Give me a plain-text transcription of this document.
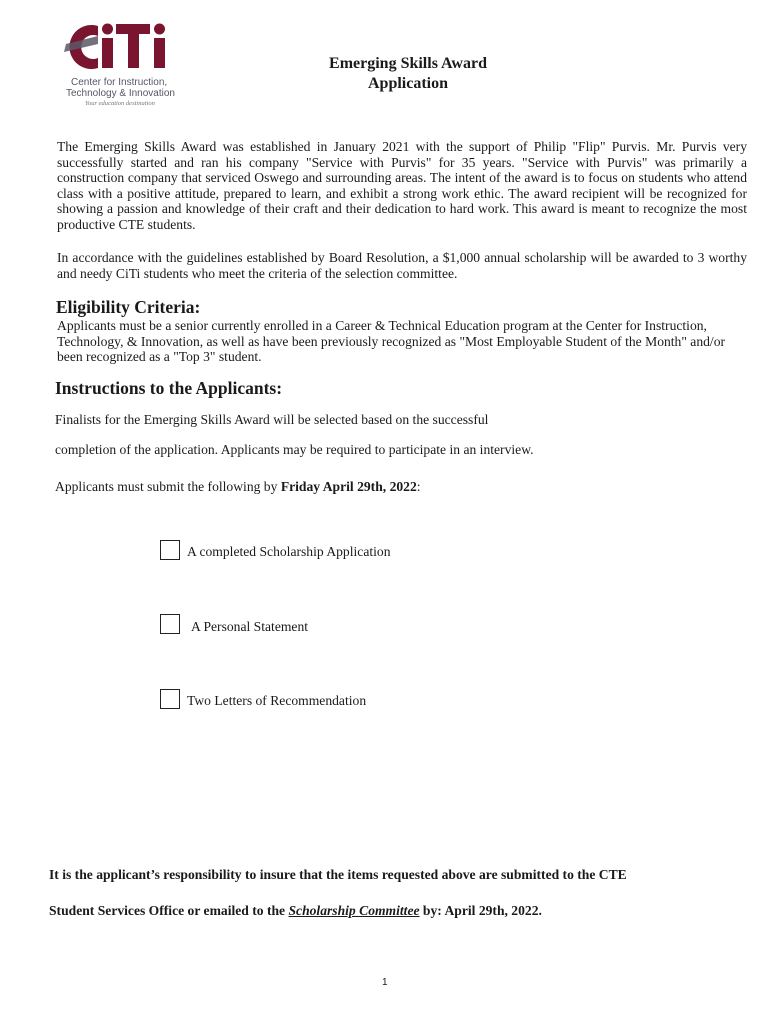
Center for Instruction,
Technology & Innovation
Your education destination
Emerging Skills Award
Application
The Emerging Skills Award was established in January 2021 with the support of Philip "Flip" Purvis. Mr. Purvis very successfully started and ran his company "Service with Purvis" for 35 years. "Service with Purvis" was primarily a construction company that serviced Oswego and surrounding areas. The intent of the award is to focus on students who attend class with a positive attitude, prepared to learn, and exhibit a strong work ethic. The award recipient will be recognized for showing a passion and knowledge of their craft and their dedication to hard work. This award is meant to recognize the most productive CTE students.
In accordance with the guidelines established by Board Resolution, a $1,000 annual scholarship will be awarded to 3 worthy and needy CiTi students who meet the criteria of the selection committee.
Eligibility Criteria:
Applicants must be a senior currently enrolled in a Career & Technical Education program at the Center for Instruction, Technology, & Innovation, as well as have been previously recognized as "Most Employable Student of the Month" and/or been recognized as a "Top 3" student.
Instructions to the Applicants:
Finalists for the Emerging Skills Award will be selected based on the successful
completion of the application. Applicants may be required to participate in an interview.
Applicants must submit the following by Friday April 29th, 2022:
A completed Scholarship Application
A Personal Statement
Two Letters of Recommendation
It is the applicant’s responsibility to insure that the items requested above are submitted to the CTE
Student Services Office or emailed to the Scholarship Committee by: April 29th, 2022.
1
